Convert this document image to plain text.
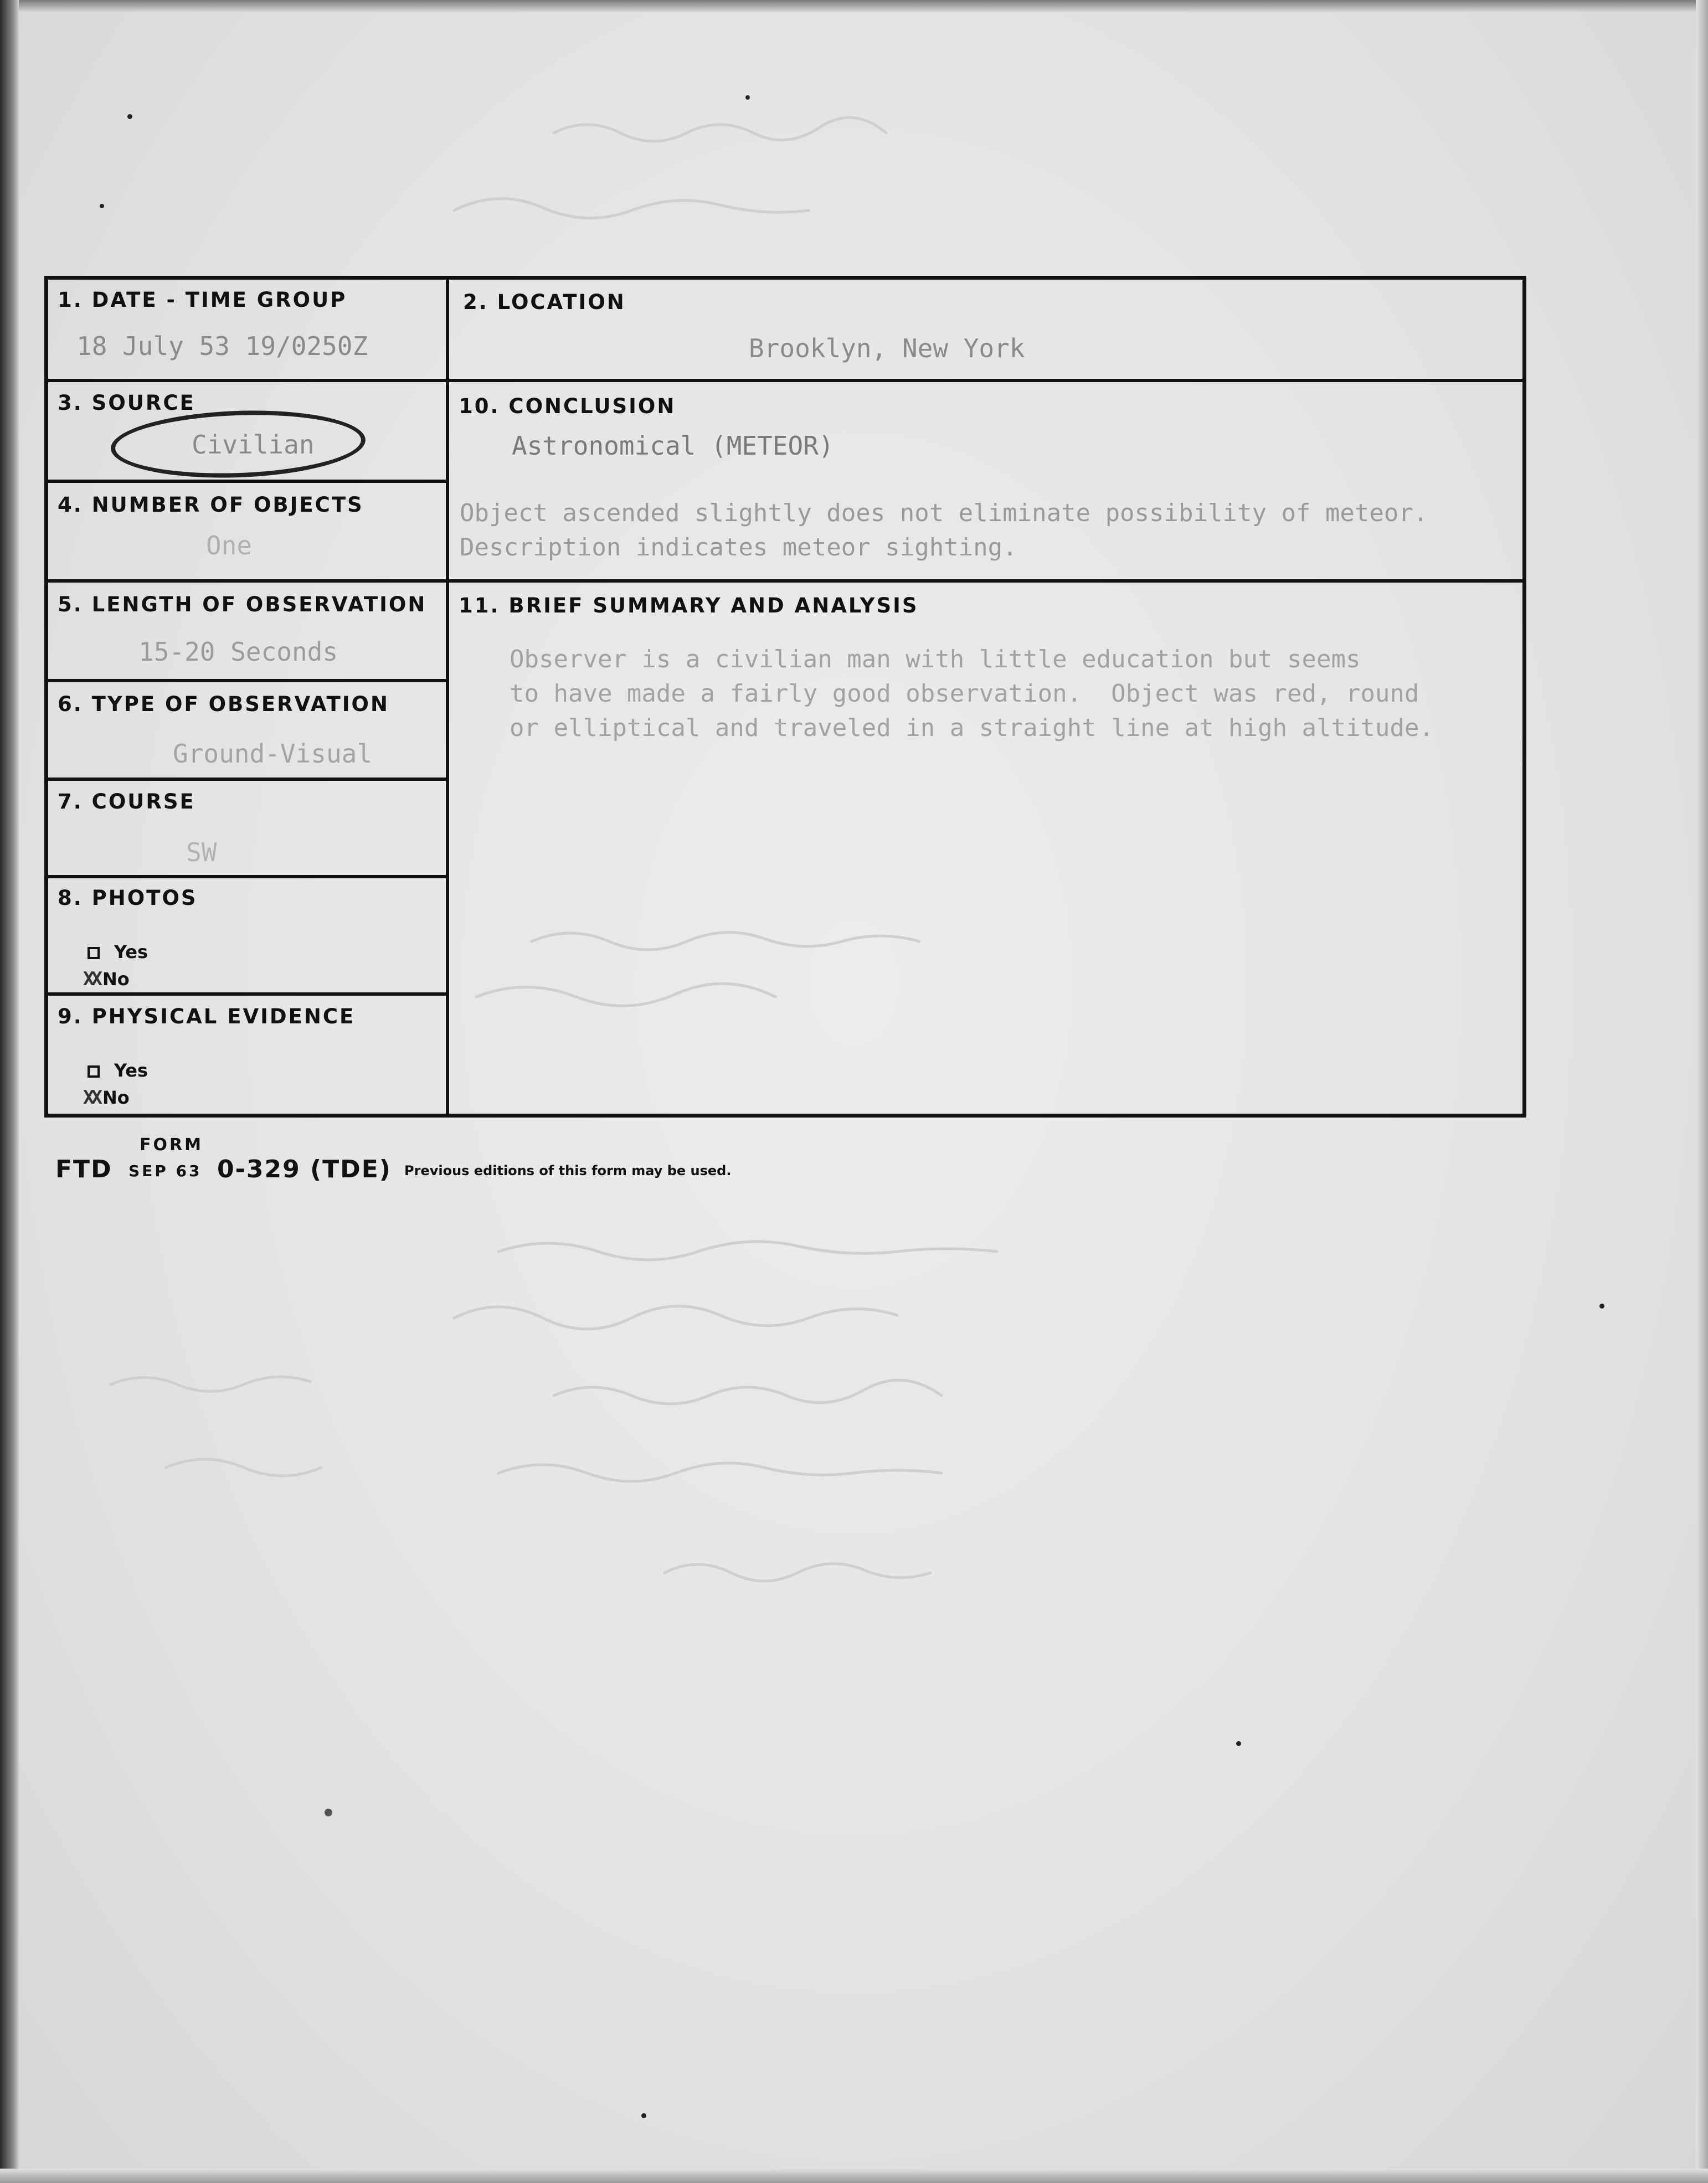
1. DATE - TIME GROUP
18 July 53 19/0250Z
2. LOCATION
Brooklyn, New York
3. SOURCE
Civilian
4. NUMBER OF OBJECTS
One
5. LENGTH OF OBSERVATION
15-20 Seconds
6. TYPE OF OBSERVATION
Ground-Visual
7. COURSE
SW
8. PHOTOS
Yes
XX No
9. PHYSICAL EVIDENCE
Yes
XX No
10. CONCLUSION
Astronomical (METEOR)
Object ascended slightly does not eliminate possibility of meteor.
Description indicates meteor sighting.
11. BRIEF SUMMARY AND ANALYSIS
Observer is a civilian man with little education but seems
to have made a fairly good observation.  Object was red, round
or elliptical and traveled in a straight line at high altitude.
FORM
FTD SEP 63 0-329 (TDE) Previous editions of this form may be used.
